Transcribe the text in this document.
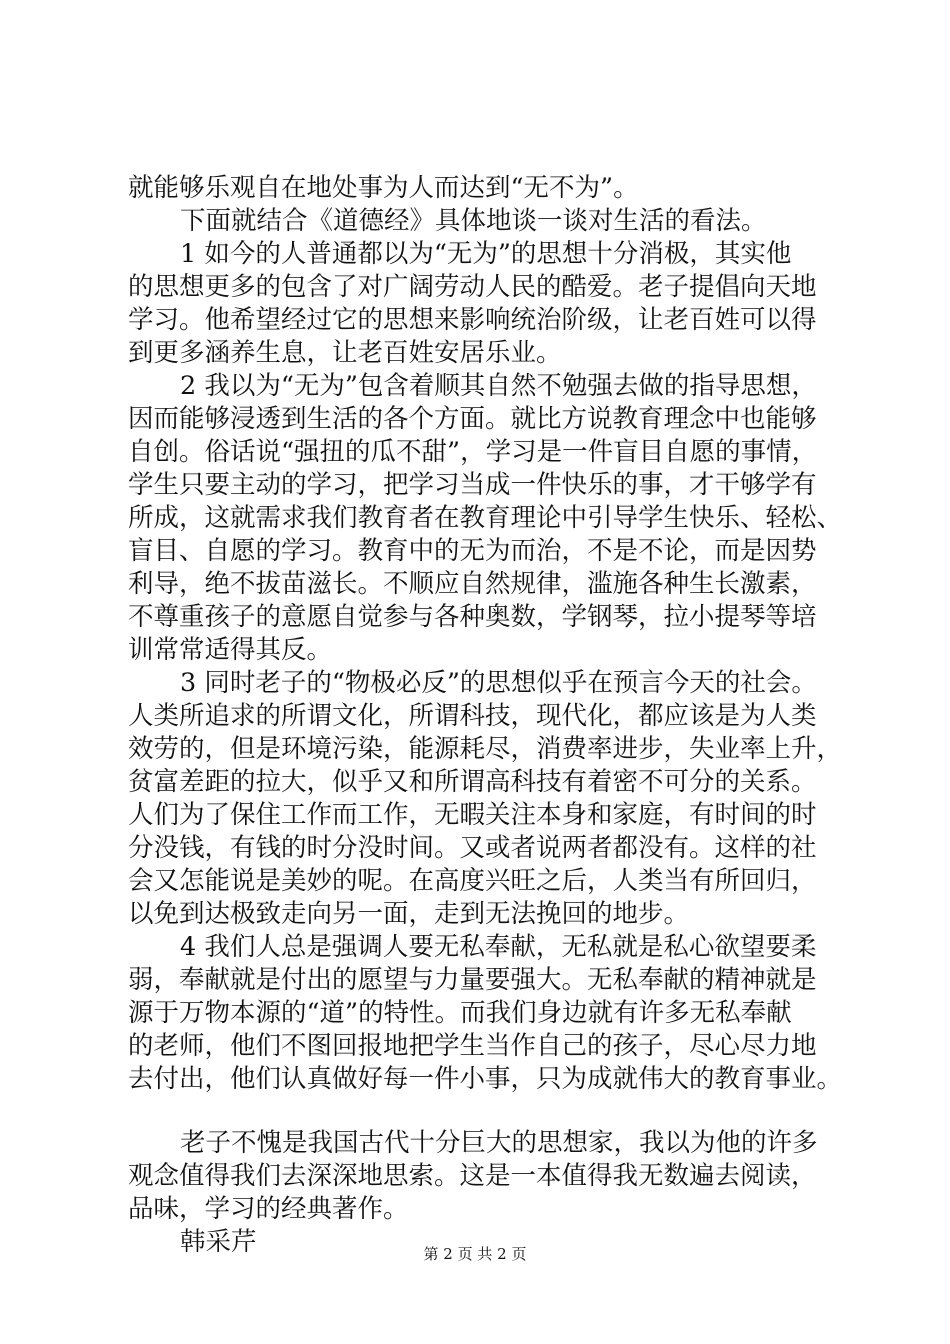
就能够乐观自在地处事为人而达到“无不为”。
下面就结合《道德经》具体地谈一谈对生活的看法。
1 如今的人普通都以为“无为”的思想十分消极，其实他
的思想更多的包含了对广阔劳动人民的酷爱。老子提倡向天地
学习。他希望经过它的思想来影响统治阶级，让老百姓可以得
到更多涵养生息，让老百姓安居乐业。
2 我以为“无为”包含着顺其自然不勉强去做的指导思想，
因而能够浸透到生活的各个方面。就比方说教育理念中也能够
自创。俗话说“强扭的瓜不甜”，学习是一件盲目自愿的事情，
学生只要主动的学习，把学习当成一件快乐的事，才干够学有
所成，这就需求我们教育者在教育理论中引导学生快乐、轻松、
盲目、自愿的学习。教育中的无为而治，不是不论，而是因势
利导，绝不拔苗滋长。不顺应自然规律，滥施各种生长激素，
不尊重孩子的意愿自觉参与各种奥数，学钢琴，拉小提琴等培
训常常适得其反。
3 同时老子的“物极必反”的思想似乎在预言今天的社会。
人类所追求的所谓文化，所谓科技，现代化，都应该是为人类
效劳的，但是环境污染，能源耗尽，消费率进步，失业率上升，
贫富差距的拉大，似乎又和所谓高科技有着密不可分的关系。
人们为了保住工作而工作，无暇关注本身和家庭，有时间的时
分没钱，有钱的时分没时间。又或者说两者都没有。这样的社
会又怎能说是美妙的呢。在高度兴旺之后，人类当有所回归，
以免到达极致走向另一面，走到无法挽回的地步。
4 我们人总是强调人要无私奉献，无私就是私心欲望要柔
弱，奉献就是付出的愿望与力量要强大。无私奉献的精神就是
源于万物本源的“道”的特性。而我们身边就有许多无私奉献
的老师，他们不图回报地把学生当作自己的孩子，尽心尽力地
去付出，他们认真做好每一件小事，只为成就伟大的教育事业。
老子不愧是我国古代十分巨大的思想家，我以为他的许多
观念值得我们去深深地思索。这是一本值得我无数遍去阅读，
品味，学习的经典著作。
韩采芹	第 2 页 共 2 页
